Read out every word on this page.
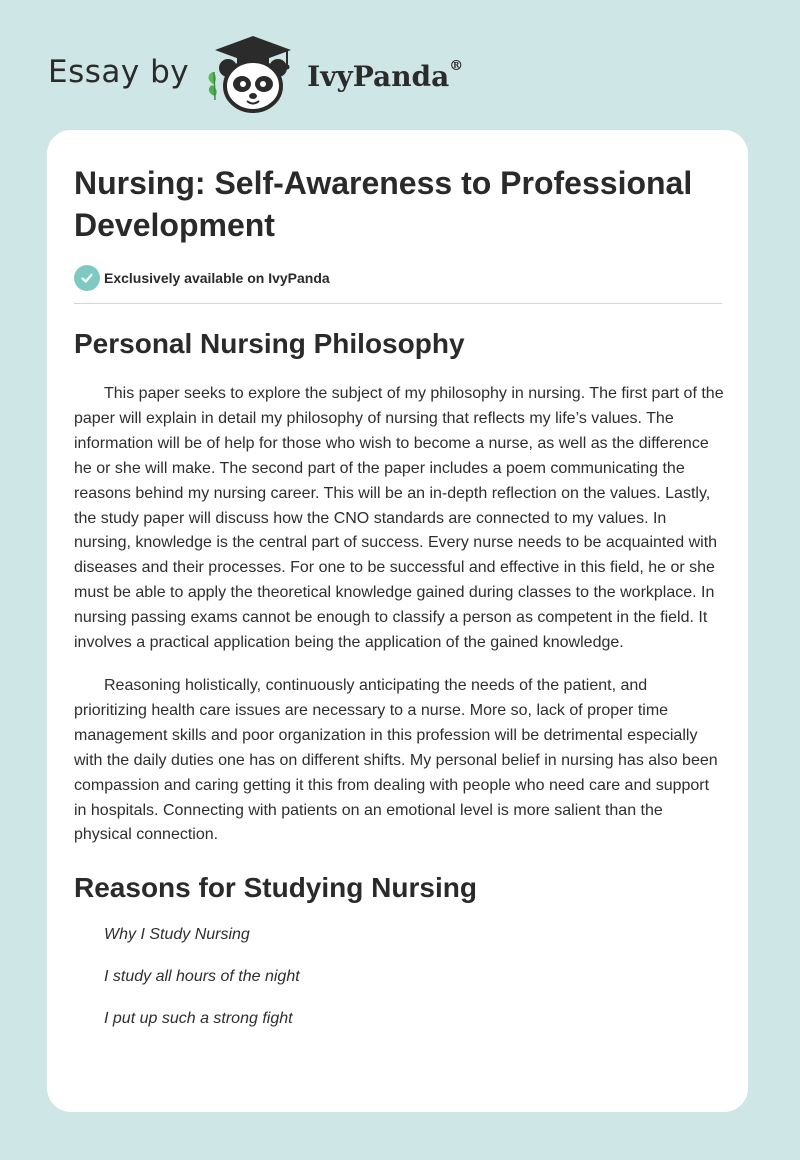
Essay by	IvyPanda®
Nursing: Self-Awareness to Professional Development
Exclusively available on IvyPanda
Personal Nursing Philosophy

This paper seeks to explore the subject of my philosophy in nursing. The first part of the paper will explain in detail my philosophy of nursing that reflects my life’s values. The information will be of help for those who wish to become a nurse, as well as the difference he or she will make. The second part of the paper includes a poem communicating the reasons behind my nursing career. This will be an in-depth reflection on the values. Lastly, the study paper will discuss how the CNO standards are connected to my values. In nursing, knowledge is the central part of success. Every nurse needs to be acquainted with diseases and their processes. For one to be successful and effective in this field, he or she must be able to apply the theoretical knowledge gained during classes to the workplace. In nursing passing exams cannot be enough to classify a person as competent in the field. It involves a practical application being the application of the gained knowledge.

Reasoning holistically, continuously anticipating the needs of the patient, and prioritizing health care issues are necessary to a nurse. More so, lack of proper time management skills and poor organization in this profession will be detrimental especially with the daily duties one has on different shifts. My personal belief in nursing has also been compassion and caring getting it this from dealing with people who need care and support in hospitals. Connecting with patients on an emotional level is more salient than the physical connection.

Reasons for Studying Nursing

Why I Study Nursing

I study all hours of the night

I put up such a strong fight
